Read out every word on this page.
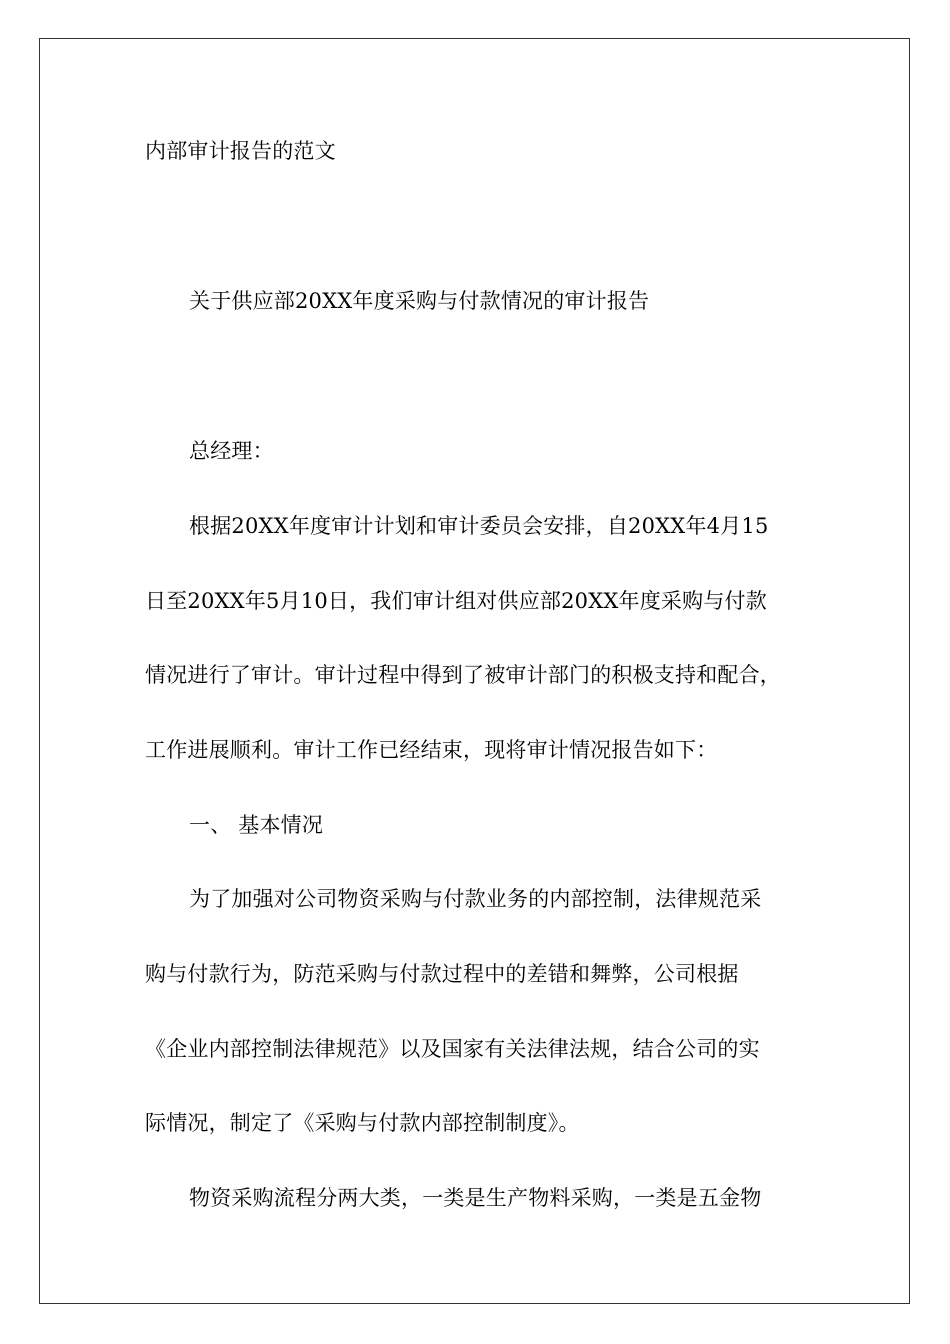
内部审计报告的范文
关于供应部20XX年度采购与付款情况的审计报告
总经理：
根据20XX年度审计计划和审计委员会安排，自20XX年4月15
日至20XX年5月10日，我们审计组对供应部20XX年度采购与付款
情况进行了审计。审计过程中得到了被审计部门的积极支持和配合，
工作进展顺利。审计工作已经结束，现将审计情况报告如下：
一、 基本情况
为了加强对公司物资采购与付款业务的内部控制，法律规范采
购与付款行为，防范采购与付款过程中的差错和舞弊，公司根据
《企业内部控制法律规范》以及国家有关法律法规，结合公司的实
际情况，制定了《采购与付款内部控制制度》。
物资采购流程分两大类，一类是生产物料采购，一类是五金物
